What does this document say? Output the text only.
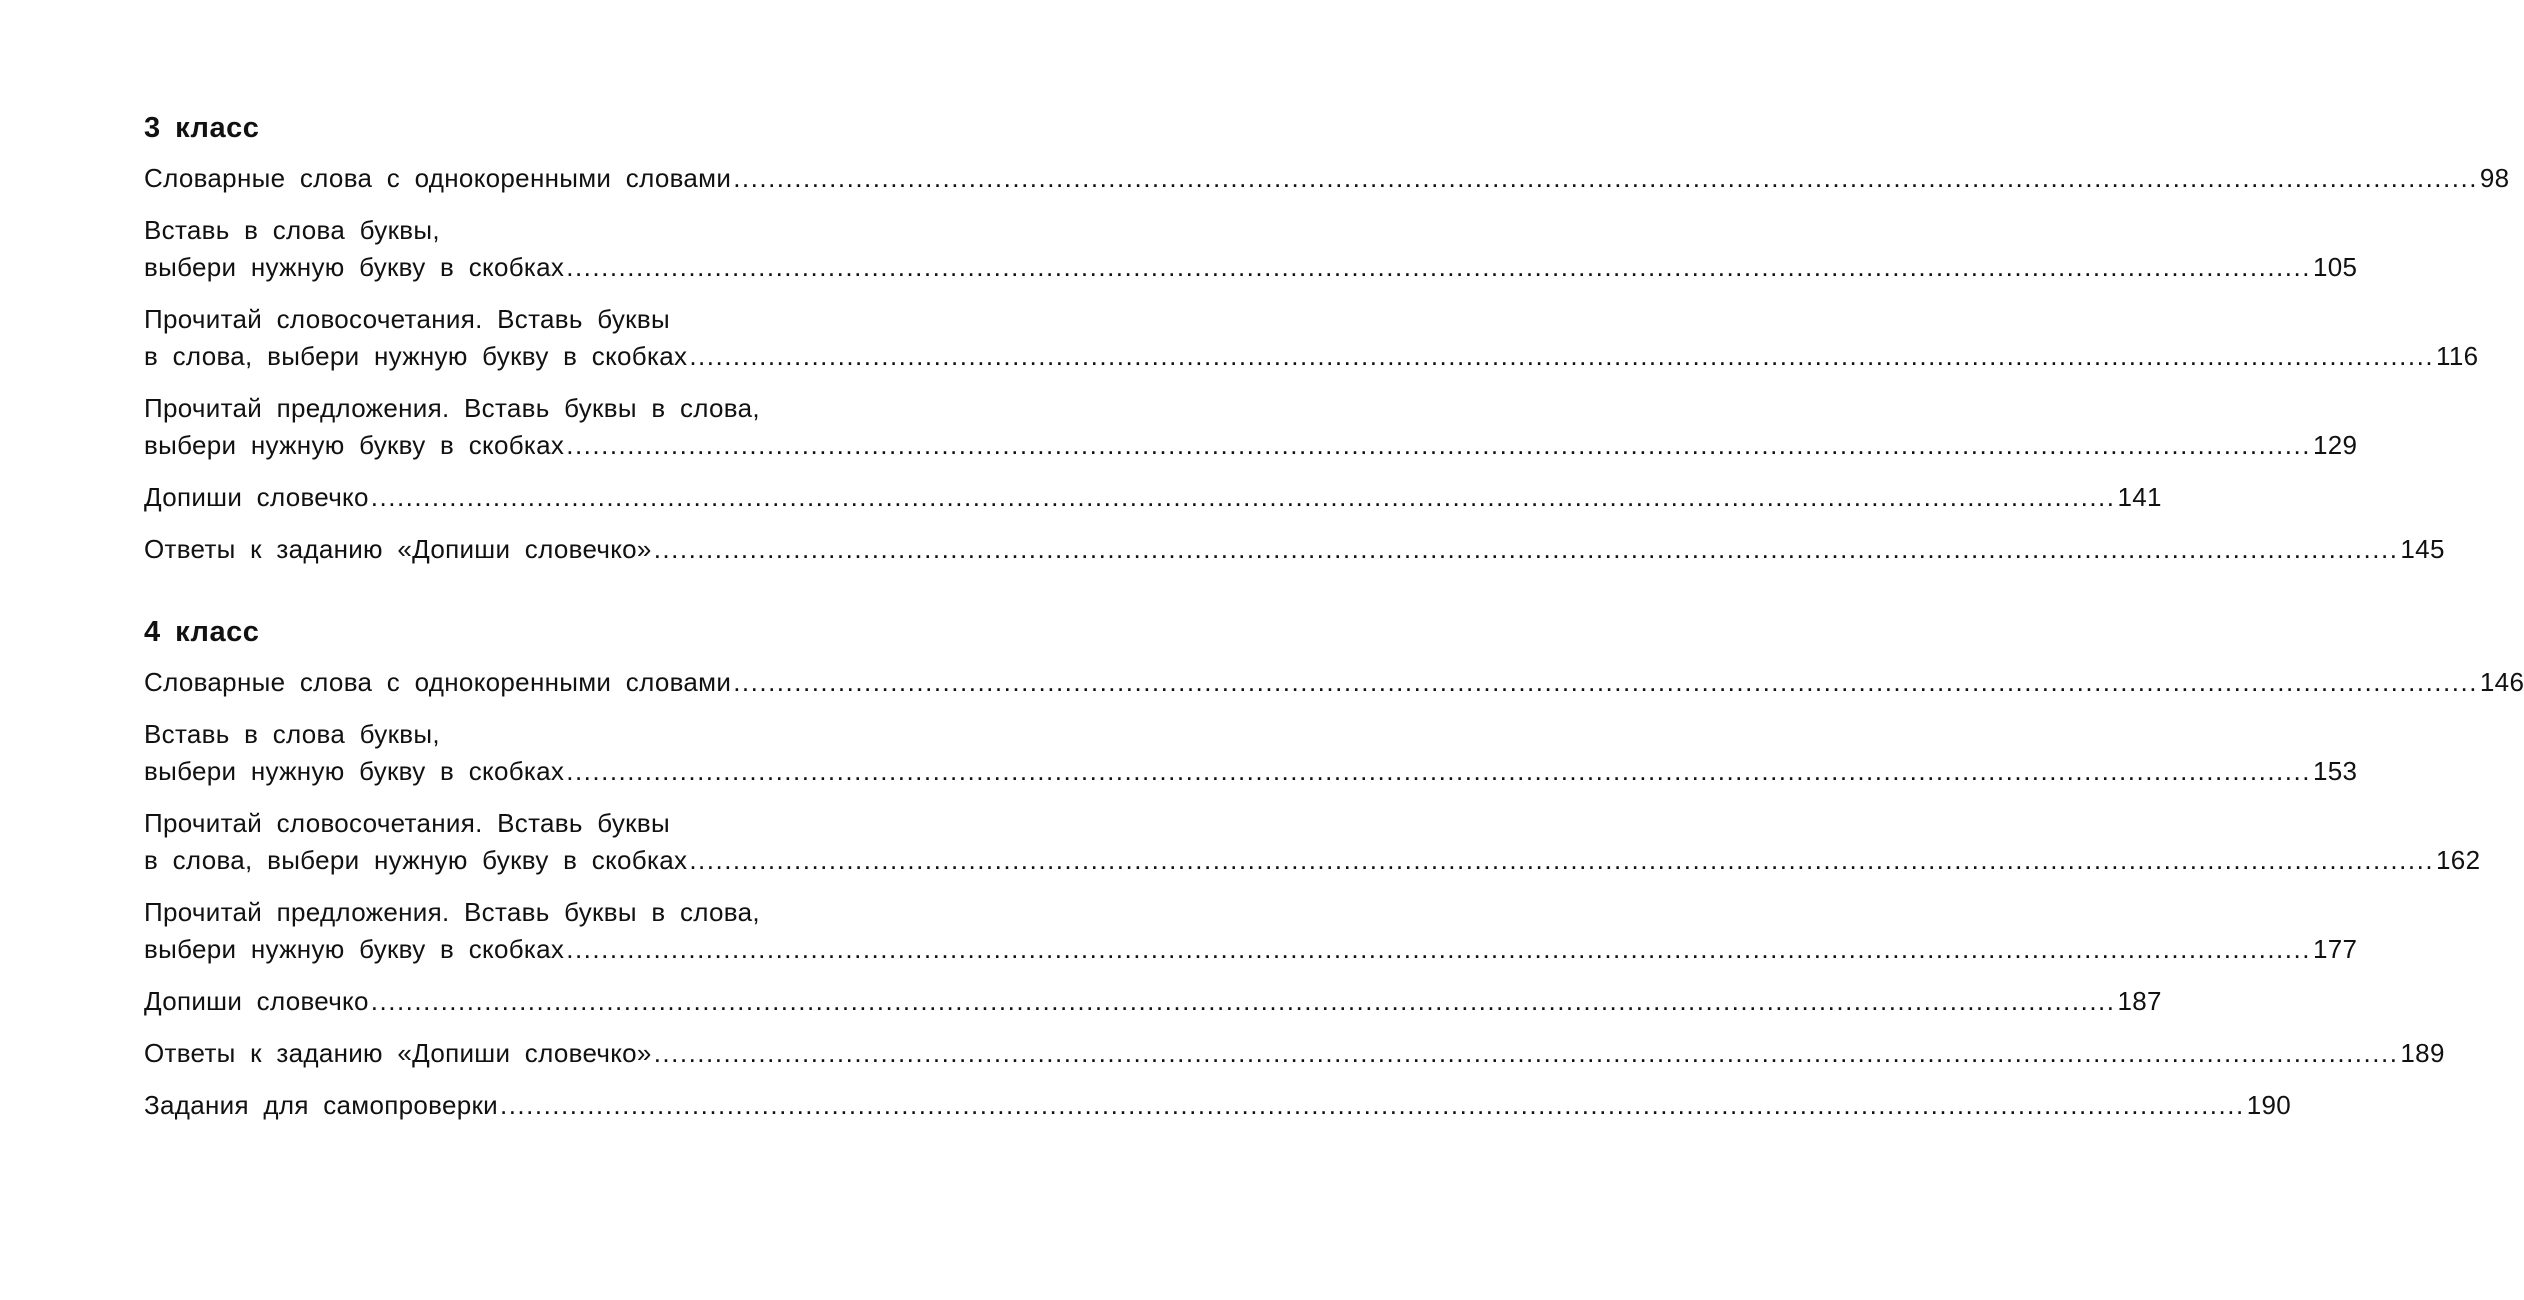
3 класс
Словарные слова с однокоренными словами ........................................................................................................................................................................................................ 98
Вставь в слова буквы,
выбери нужную букву в скобках ........................................................................................................................................................................................................ 105
Прочитай словосочетания. Вставь буквы
в слова, выбери нужную букву в скобках ........................................................................................................................................................................................................ 116
Прочитай предложения. Вставь буквы в слова,
выбери нужную букву в скобках ........................................................................................................................................................................................................ 129
Допиши словечко ........................................................................................................................................................................................................ 141
Ответы к заданию «Допиши словечко» ........................................................................................................................................................................................................ 145
4 класс
Словарные слова с однокоренными словами ........................................................................................................................................................................................................ 146
Вставь в слова буквы,
выбери нужную букву в скобках ........................................................................................................................................................................................................ 153
Прочитай словосочетания. Вставь буквы
в слова, выбери нужную букву в скобках ........................................................................................................................................................................................................ 162
Прочитай предложения. Вставь буквы в слова,
выбери нужную букву в скобках ........................................................................................................................................................................................................ 177
Допиши словечко ........................................................................................................................................................................................................ 187
Ответы к заданию «Допиши словечко» ........................................................................................................................................................................................................ 189
Задания для самопроверки ........................................................................................................................................................................................................ 190
